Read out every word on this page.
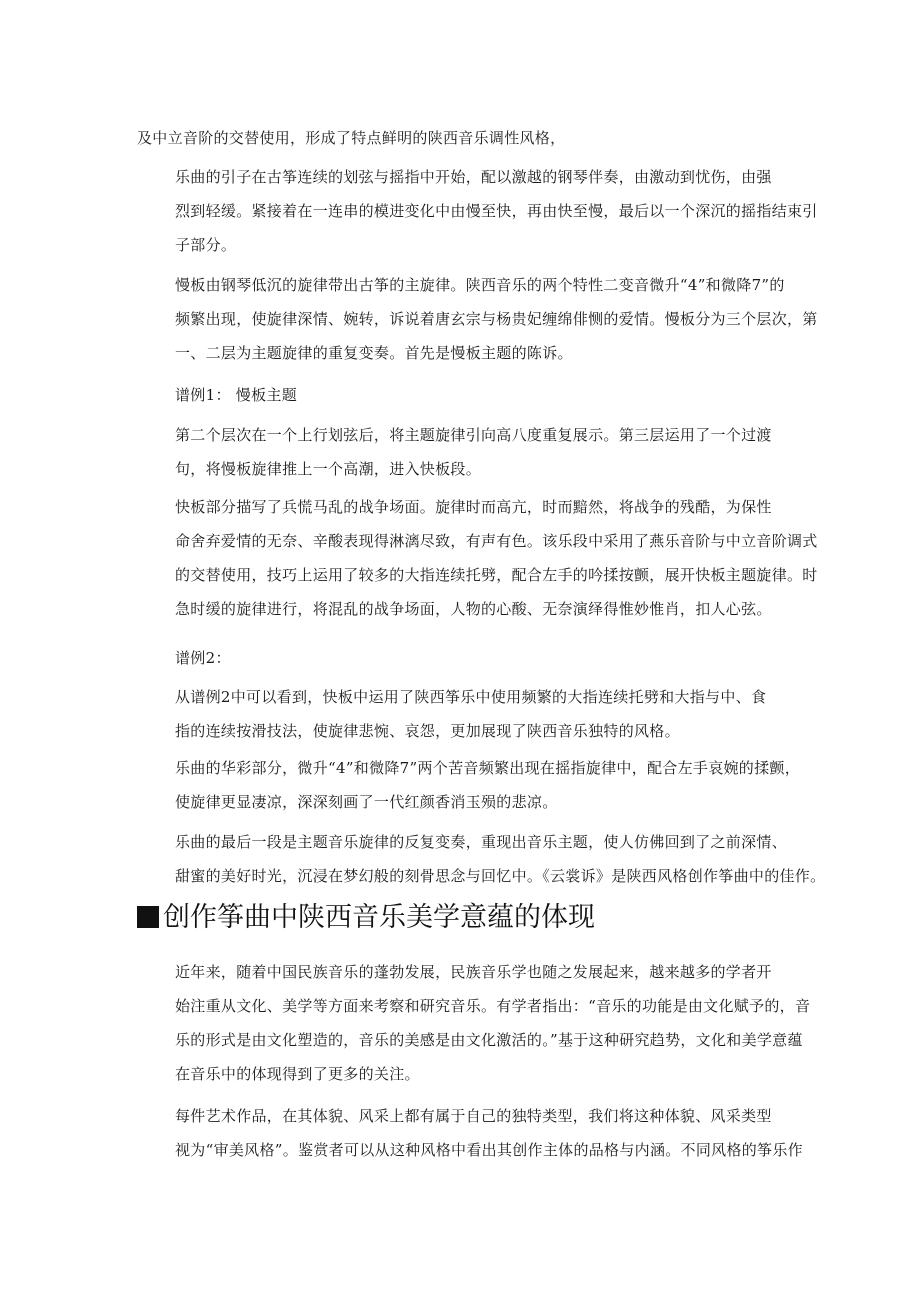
及中立音阶的交替使用，形成了特点鲜明的陕西音乐调性风格，
乐曲的引子在古筝连续的划弦与摇指中开始，配以激越的钢琴伴奏，由激动到忧伤，由强
烈到轻缓。紧接着在一连串的模进变化中由慢至快，再由快至慢，最后以一个深沉的摇指结束引
子部分。
慢板由钢琴低沉的旋律带出古筝的主旋律。陕西音乐的两个特性二变音微升“4”和微降7”的
频繁出现，使旋律深情、婉转，诉说着唐玄宗与杨贵妃缠绵俳恻的爱情。慢板分为三个层次，第
一、二层为主题旋律的重复变奏。首先是慢板主题的陈诉。
谱例1： 慢板主题
第二个层次在一个上行划弦后，将主题旋律引向高八度重复展示。第三层运用了一个过渡
句，将慢板旋律推上一个高潮，进入快板段。
快板部分描写了兵慌马乱的战争场面。旋律时而高亢，时而黯然，将战争的残酷，为保性
命舍弃爱情的无奈、辛酸表现得淋漓尽致，有声有色。该乐段中采用了燕乐音阶与中立音阶调式
的交替使用，技巧上运用了较多的大指连续托劈，配合左手的吟揉按颤，展开快板主题旋律。时
急时缓的旋律进行，将混乱的战争场面，人物的心酸、无奈演绎得惟妙惟肖，扣人心弦。
谱例2：
从谱例2中可以看到，快板中运用了陕西筝乐中使用频繁的大指连续托劈和大指与中、食
指的连续按滑技法，使旋律悲惋、哀怨，更加展现了陕西音乐独特的风格。
乐曲的华彩部分，微升“4”和微降7”两个苦音频繁出现在摇指旋律中，配合左手哀婉的揉颤，
使旋律更显凄凉，深深刻画了一代红颜香消玉殒的悲凉。
乐曲的最后一段是主题音乐旋律的反复变奏，重现出音乐主题，使人仿佛回到了之前深情、
甜蜜的美好时光，沉浸在梦幻般的刻骨思念与回忆中。《云裳诉》是陕西风格创作筝曲中的佳作。
创作筝曲中陕西音乐美学意蕴的体现
近年来，随着中国民族音乐的蓬勃发展，民族音乐学也随之发展起来，越来越多的学者开
始注重从文化、美学等方面来考察和研究音乐。有学者指出：“音乐的功能是由文化赋予的，音
乐的形式是由文化塑造的，音乐的美感是由文化激活的。”基于这种研究趋势，文化和美学意蕴
在音乐中的体现得到了更多的关注。
每件艺术作品，在其体貌、风采上都有属于自己的独特类型，我们将这种体貌、风采类型
视为“审美风格”。鉴赏者可以从这种风格中看出其创作主体的品格与内涵。不同风格的筝乐作
